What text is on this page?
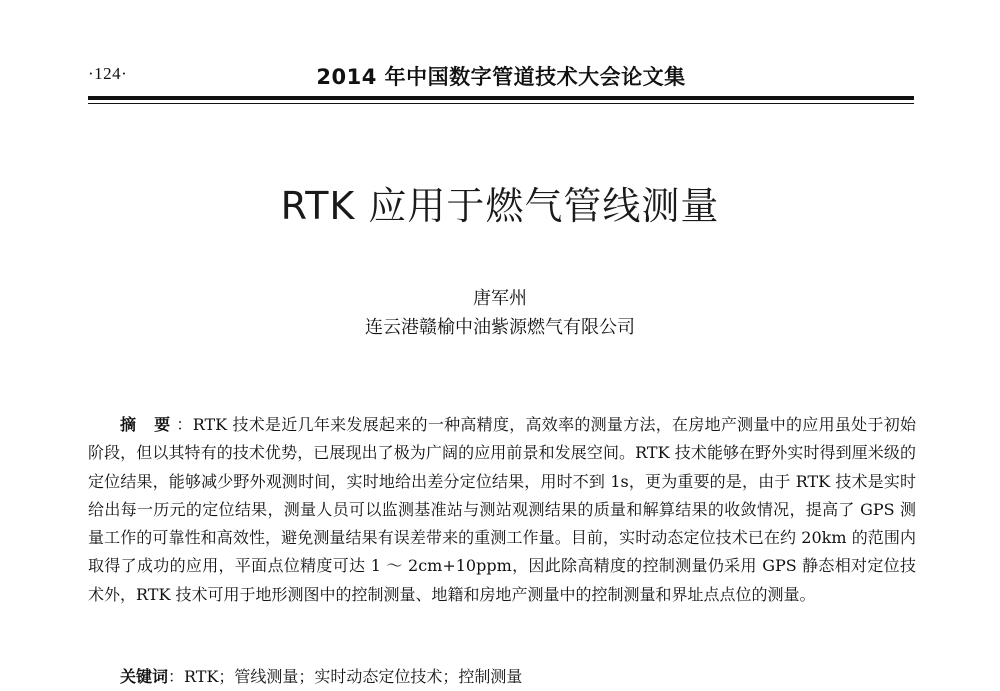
·124·	2014 年中国数字管道技术大会论文集
RTK 应用于燃气管线测量
唐军州
连云港赣榆中油紫源燃气有限公司

摘 要：RTK 技术是近几年来发展起来的一种高精度，高效率的测量方法，在房地产测量中的应用虽处于初始阶段，但以其特有的技术优势，已展现出了极为广阔的应用前景和发展空间。RTK 技术能够在野外实时得到厘米级的定位结果，能够减少野外观测时间，实时地给出差分定位结果，用时不到 1s，更为重要的是，由于 RTK 技术是实时给出每一历元的定位结果，测量人员可以监测基准站与测站观测结果的质量和解算结果的收敛情况，提高了 GPS 测量工作的可靠性和高效性，避免测量结果有误差带来的重测工作量。目前，实时动态定位技术已在约 20km 的范围内取得了成功的应用，平面点位精度可达 1 ～ 2cm+10ppm，因此除高精度的控制测量仍采用 GPS 静态相对定位技术外，RTK 技术可用于地形测图中的控制测量、地籍和房地产测量中的控制测量和界址点点位的测量。

关键词：RTK；管线测量；实时动态定位技术；控制测量
